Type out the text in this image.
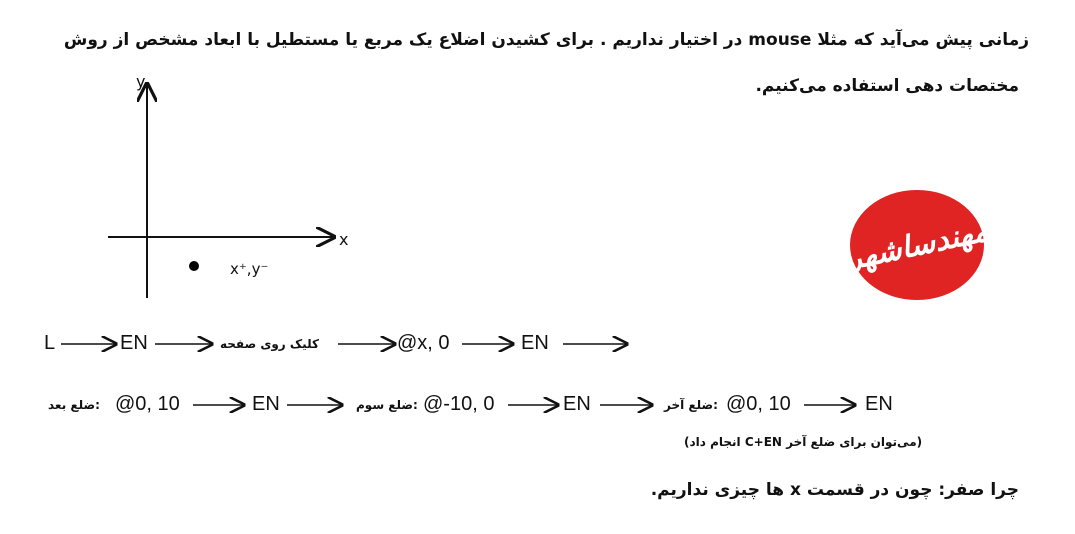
زمانی پیش می‌آید که مثلا mouse در اختیار نداریم . برای کشیدن اضلاع یک مربع یا مستطیل با ابعاد مشخص از روش
مختصات دهی استفاده می‌کنیم.
y
x
x⁺,y⁻	مهندساشهر
L	EN	کلیک روی صفحه	@x, 0	EN
:ضلع بعد @0, 10	EN	:ضلع سوم @-10, 0	EN	:ضلع آخر @0, 10	EN
(می‌توان برای ضلع آخر C+EN انجام داد)
چرا صفر: چون در قسمت x ها چیزی نداریم.
